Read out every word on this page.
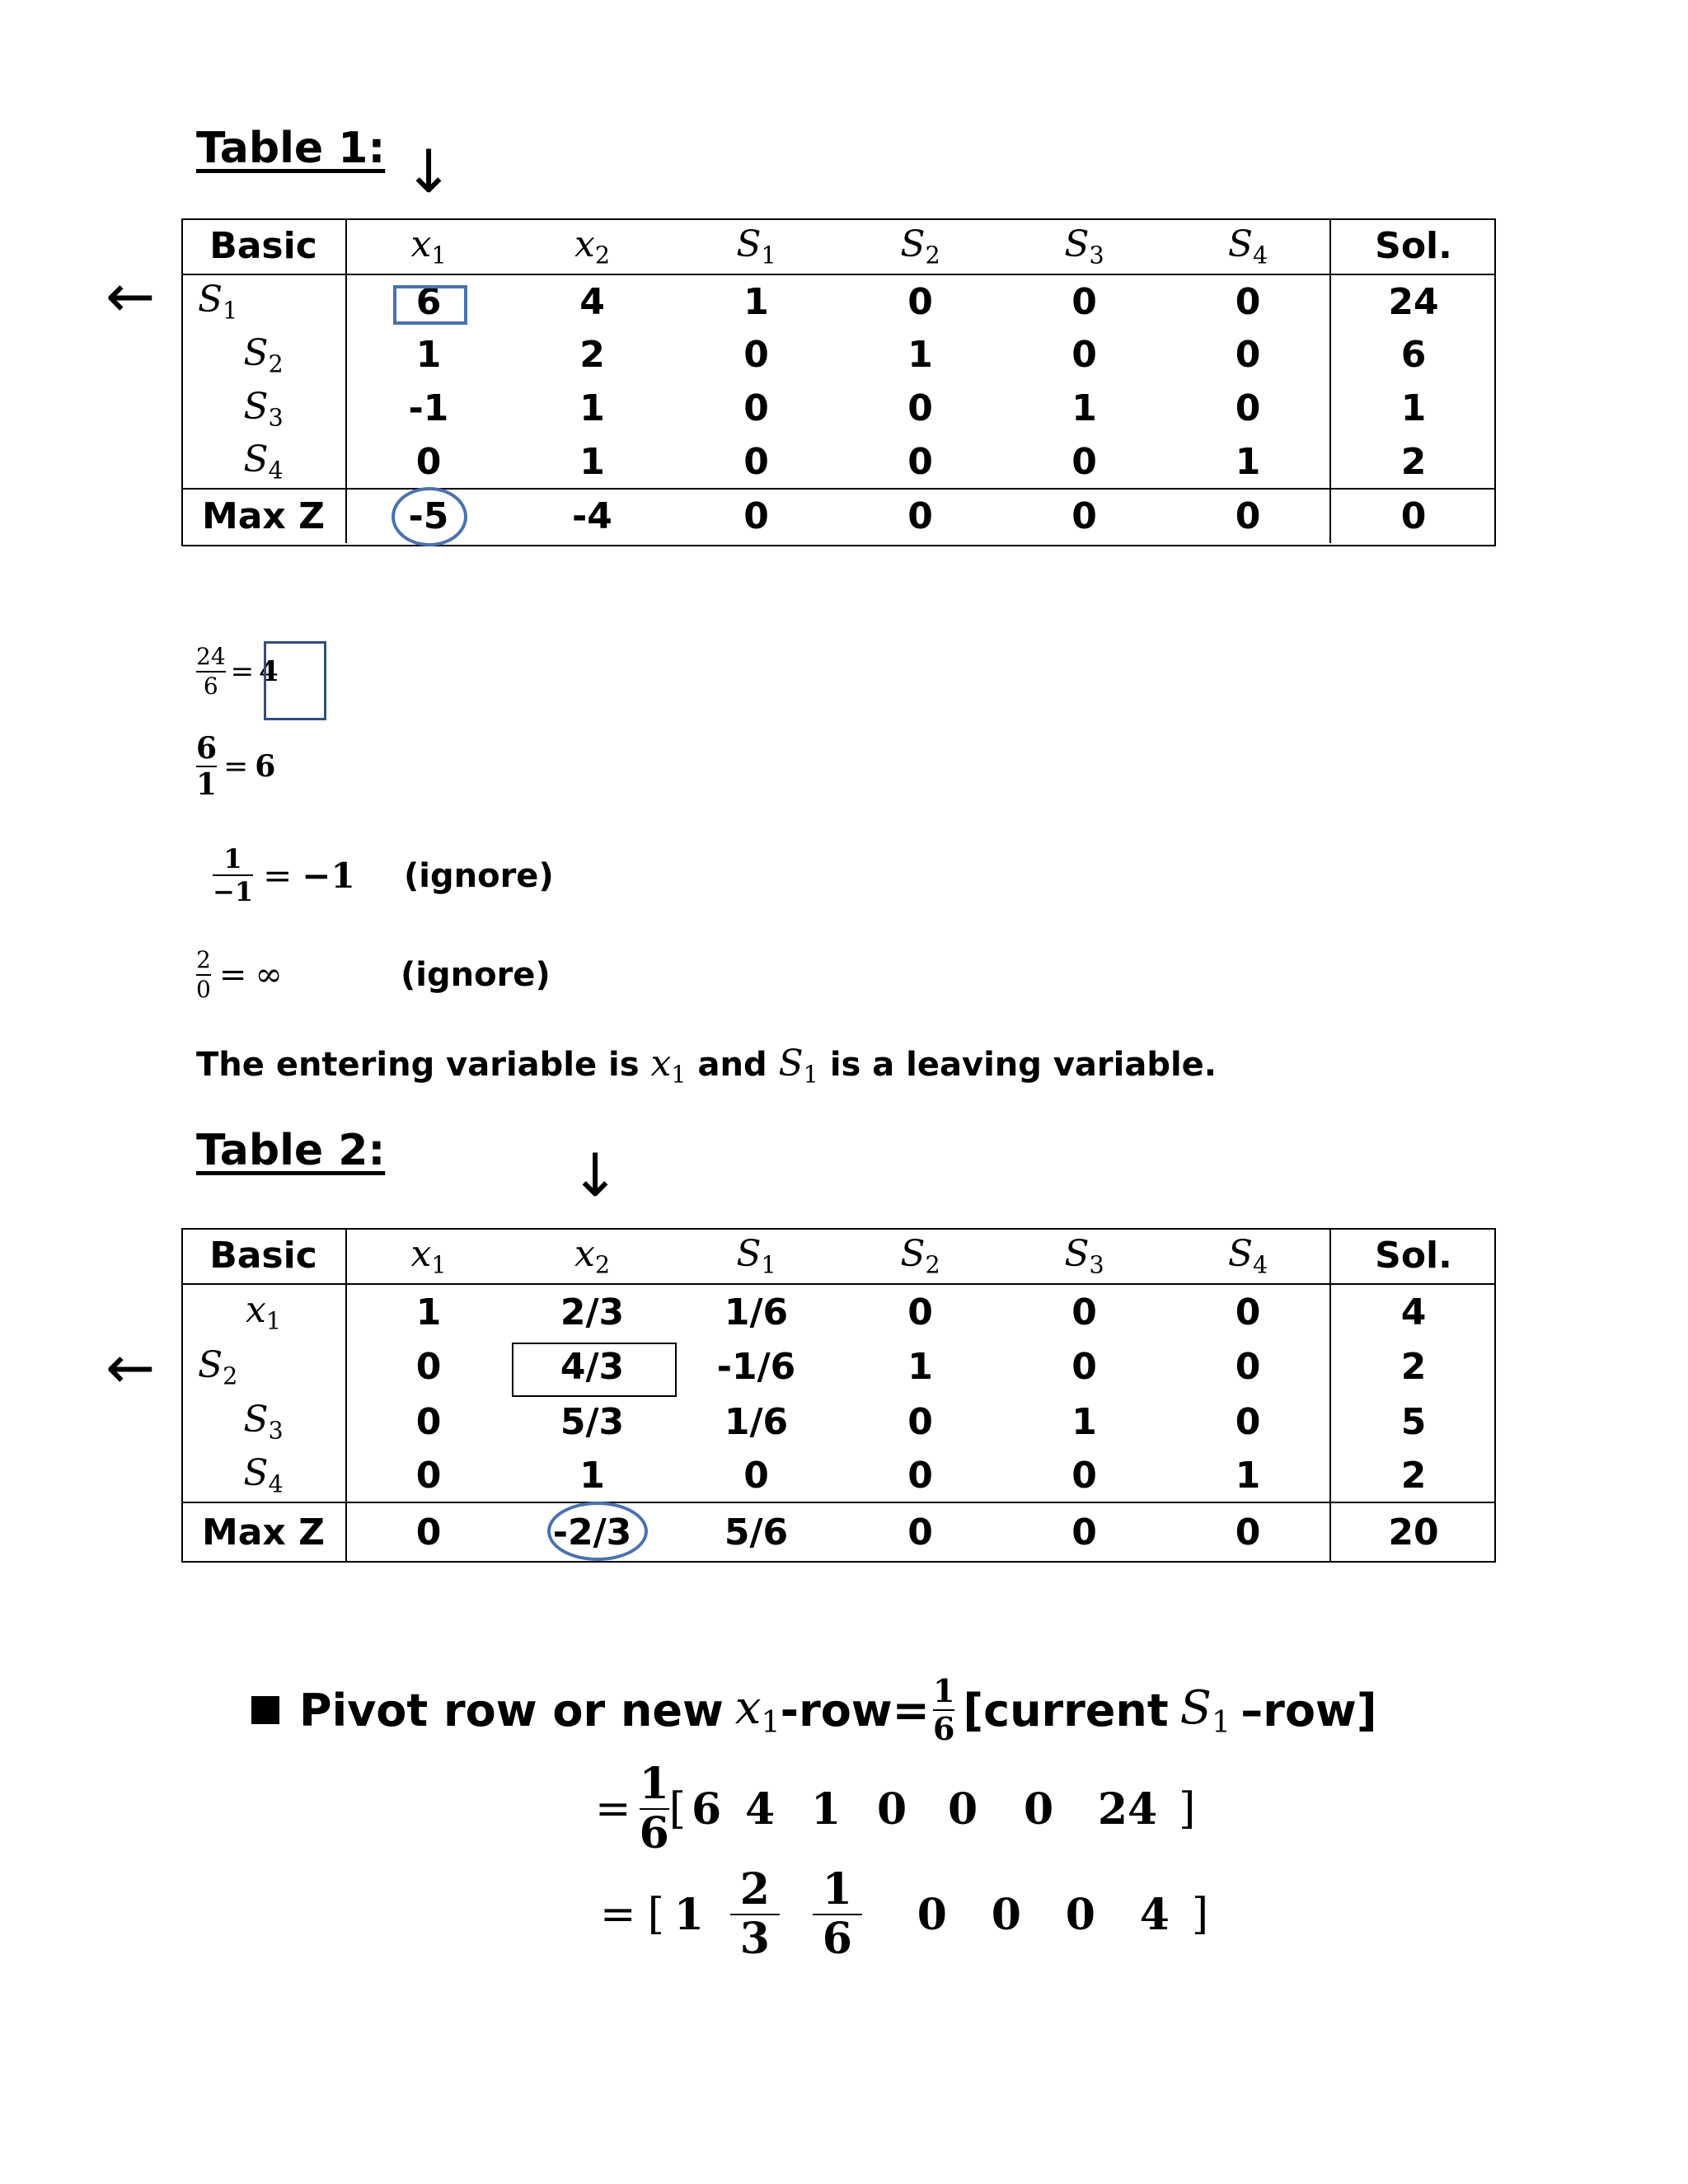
Table 1: ↓
←
Basic	$x_1$	$x_2$	$S_1$	$S_2$	$S_3$	$S_4$	Sol.
$S_1$	6	4	1	0	0	0	24
$S_2$	1	2	0	1	0	0	6
$S_3$	-1	1	0	0	1	0	1
$S_4$	0	1	0	0	0	1	2
Max Z	-5	-4	0	0	0	0	0
$\frac{24}{6} = 4$
$\frac{6}{1} = 6$
$\frac{1}{-1} = -1$ (ignore)
$\frac{2}{0}$ = ∞	(ignore)
The entering variable is $x_1$ and $S_1$ is a leaving variable.
Table 2:	↓
←
Basic	$x_1$	$x_2$	$S_1$	$S_2$	$S_3$	$S_4$	Sol.
$x_1$	1	2/3	1/6	0	0	0	4
$S_2$	0	4/3	-1/6	1	0	0	2
$S_3$	0	5/3	1/6	0	1	0	5
$S_4$	0	1	0	0	0	1	2
Max Z	0	-2/3	5/6	0	0	0	20
Pivot row or new $x_1$ $-row= \frac{1}{6}$ [current $S_1$ –row]
= $\frac{1}{6}$ [ 6 4 1 0 0	0	24 ]
= [ $1 \frac{2}{3} \frac{1}{6}$	0	0	0	4 ]
